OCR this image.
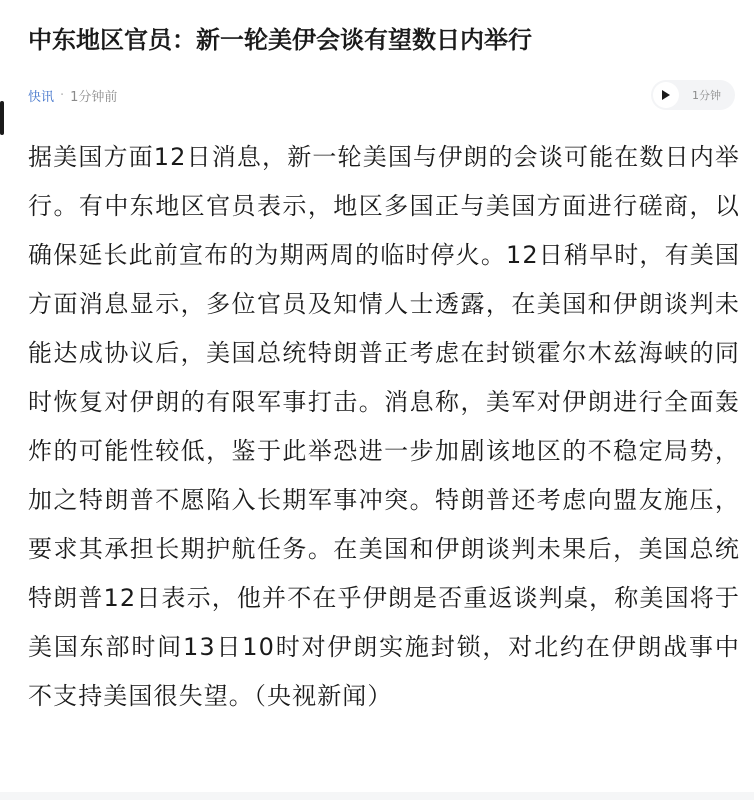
中东地区官员：新一轮美伊会谈有望数日内举行
快讯 · 1分钟前	1分钟

据美国方面12日消息，新一轮美国与伊朗的会谈可能在数日内举行。有中东地区官员表示，地区多国正与美国方面进行磋商，以确保延长此前宣布的为期两周的临时停火。12日稍早时，有美国方面消息显示，多位官员及知情人士透露，在美国和伊朗谈判未能达成协议后，美国总统特朗普正考虑在封锁霍尔木兹海峡的同时恢复对伊朗的有限军事打击。消息称，美军对伊朗进行全面轰炸的可能性较低，鉴于此举恐进一步加剧该地区的不稳定局势，加之特朗普不愿陷入长期军事冲突。特朗普还考虑向盟友施压，要求其承担长期护航任务。在美国和伊朗谈判未果后，美国总统特朗普12日表示，他并不在乎伊朗是否重返谈判桌，称美国将于美国东部时间13日10时对伊朗实施封锁，对北约在伊朗战事中不支持美国很失望。（央视新闻）
